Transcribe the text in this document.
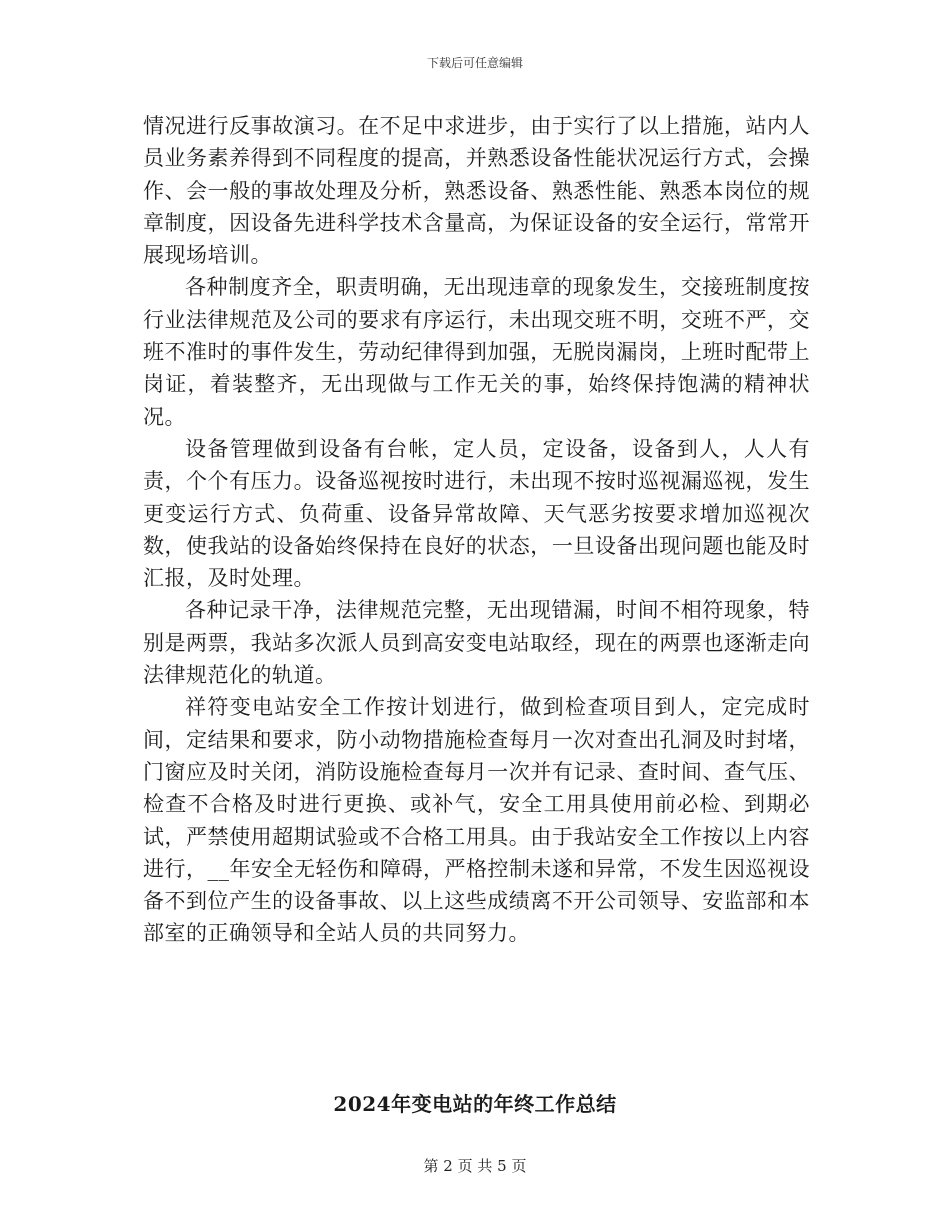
下载后可任意编辑

情况进行反事故演习。在不足中求进步，由于实行了以上措施，站内人员业务素养得到不同程度的提高，并熟悉设备性能状况运行方式，会操作、会一般的事故处理及分析，熟悉设备、熟悉性能、熟悉本岗位的规章制度，因设备先进科学技术含量高，为保证设备的安全运行，常常开展现场培训。

各种制度齐全，职责明确，无出现违章的现象发生，交接班制度按行业法律规范及公司的要求有序运行，未出现交班不明，交班不严，交班不准时的事件发生，劳动纪律得到加强，无脱岗漏岗，上班时配带上岗证，着装整齐，无出现做与工作无关的事，始终保持饱满的精神状况。

设备管理做到设备有台帐，定人员，定设备，设备到人，人人有责，个个有压力。设备巡视按时进行，未出现不按时巡视漏巡视，发生更变运行方式、负荷重、设备异常故障、天气恶劣按要求增加巡视次数，使我站的设备始终保持在良好的状态，一旦设备出现问题也能及时汇报，及时处理。

各种记录干净，法律规范完整，无出现错漏，时间不相符现象，特别是两票，我站多次派人员到高安变电站取经，现在的两票也逐渐走向法律规范化的轨道。

祥符变电站安全工作按计划进行，做到检查项目到人，定完成时间，定结果和要求，防小动物措施检查每月一次对查出孔洞及时封堵，门窗应及时关闭，消防设施检查每月一次并有记录、查时间、查气压、检查不合格及时进行更换、或补气，安全工用具使用前必检、到期必试，严禁使用超期试验或不合格工用具。由于我站安全工作按以上内容进行，__年安全无轻伤和障碍，严格控制未遂和异常，不发生因巡视设备不到位产生的设备事故、以上这些成绩离不开公司领导、安监部和本部室的正确领导和全站人员的共同努力。

2024年变电站的年终工作总结
第 2 页 共 5 页
